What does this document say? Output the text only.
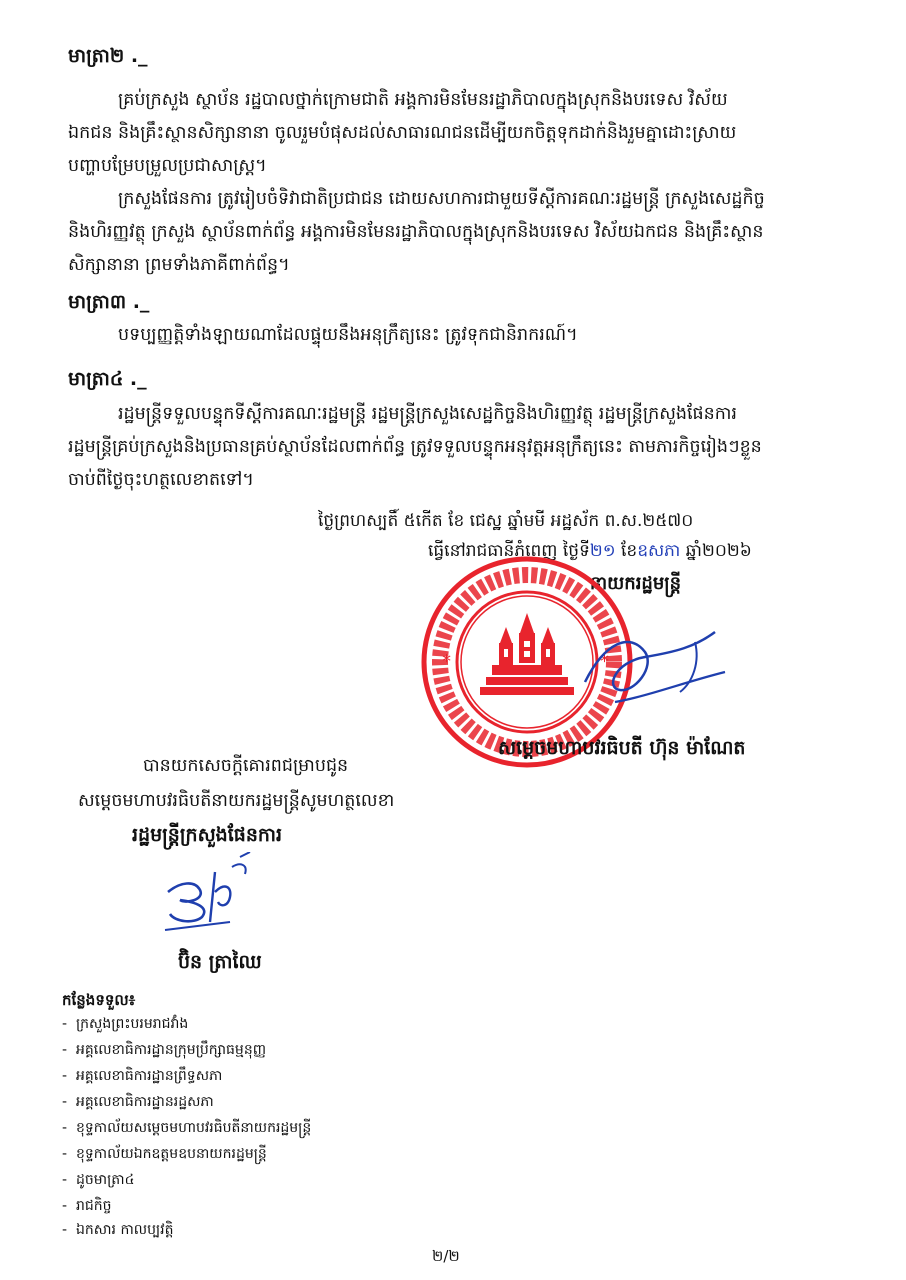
មាត្រា២ ._
គ្រប់ក្រសួង ស្ថាប័ន រដ្ឋបាលថ្នាក់ក្រោមជាតិ អង្គការមិនមែនរដ្ឋាភិបាលក្នុងស្រុកនិងបរទេស វិស័យ
ឯកជន និងគ្រឹះស្ថានសិក្សានានា ចូលរួមបំផុសដល់សាធារណជនដើម្បីយកចិត្តទុកដាក់និងរួមគ្នាដោះស្រាយ
បញ្ហាបម្រែបម្រួលប្រជាសាស្ត្រ។
ក្រសួងផែនការ ត្រូវរៀបចំទិវាជាតិប្រជាជន ដោយសហការជាមួយទីស្តីការគណៈរដ្ឋមន្ត្រី ក្រសួងសេដ្ឋកិច្ច
និងហិរញ្ញវត្ថុ ក្រសួង ស្ថាប័នពាក់ព័ន្ធ អង្គការមិនមែនរដ្ឋាភិបាលក្នុងស្រុកនិងបរទេស វិស័យឯកជន និងគ្រឹះស្ថាន
សិក្សានានា ព្រមទាំងភាគីពាក់ព័ន្ធ។
មាត្រា៣ ._
បទប្បញ្ញត្តិទាំងឡាយណាដែលផ្ទុយនឹងអនុក្រឹត្យនេះ ត្រូវទុកជានិរាករណ៍។
មាត្រា៤ ._
រដ្ឋមន្ត្រីទទួលបន្ទុកទីស្តីការគណៈរដ្ឋមន្ត្រី រដ្ឋមន្ត្រីក្រសួងសេដ្ឋកិច្ចនិងហិរញ្ញវត្ថុ រដ្ឋមន្ត្រីក្រសួងផែនការ
រដ្ឋមន្ត្រីគ្រប់ក្រសួងនិងប្រធានគ្រប់ស្ថាប័នដែលពាក់ព័ន្ធ ត្រូវទទួលបន្ទុកអនុវត្តអនុក្រឹត្យនេះ តាមភារកិច្ចរៀងៗខ្លួន
ចាប់ពីថ្ងៃចុះហត្ថលេខាតទៅ។
ថ្ងៃព្រហស្បតិ៍ ៥កើត ខែ ជេស្ឋ ឆ្នាំមមី អដ្ឋស័ក ព.ស.២៥៧០
ធ្វើនៅរាជធានីភ្នំពេញ ថ្ងៃទី២១ ខែឧសភា ឆ្នាំ២០២៦
នាយករដ្ឋមន្ត្រី
*	*
សម្តេចមហាបវរធិបតី ហ៊ុន ម៉ាណែត
បានយកសេចក្តីគោរពជម្រាបជូន
សម្តេចមហាបវរធិបតីនាយករដ្ឋមន្ត្រីសូមហត្ថលេខា
រដ្ឋមន្ត្រីក្រសួងផែនការ
ប៊ិន ត្រាឈៃ
កន្លែងទទួល៖
- ក្រសួងព្រះបរមរាជវាំង
- អគ្គលេខាធិការដ្ឋានក្រុមប្រឹក្សាធម្មនុញ្ញ
- អគ្គលេខាធិការដ្ឋានព្រឹទ្ធសភា
- អគ្គលេខាធិការដ្ឋានរដ្ឋសភា
- ខុទ្ទកាល័យសម្តេចមហាបវរធិបតីនាយករដ្ឋមន្ត្រី
- ខុទ្ទកាល័យឯកឧត្តមឧបនាយករដ្ឋមន្ត្រី
- ដូចមាត្រា៤
- រាជកិច្ច
- ឯកសារ កាលប្បវត្តិ
២/២
